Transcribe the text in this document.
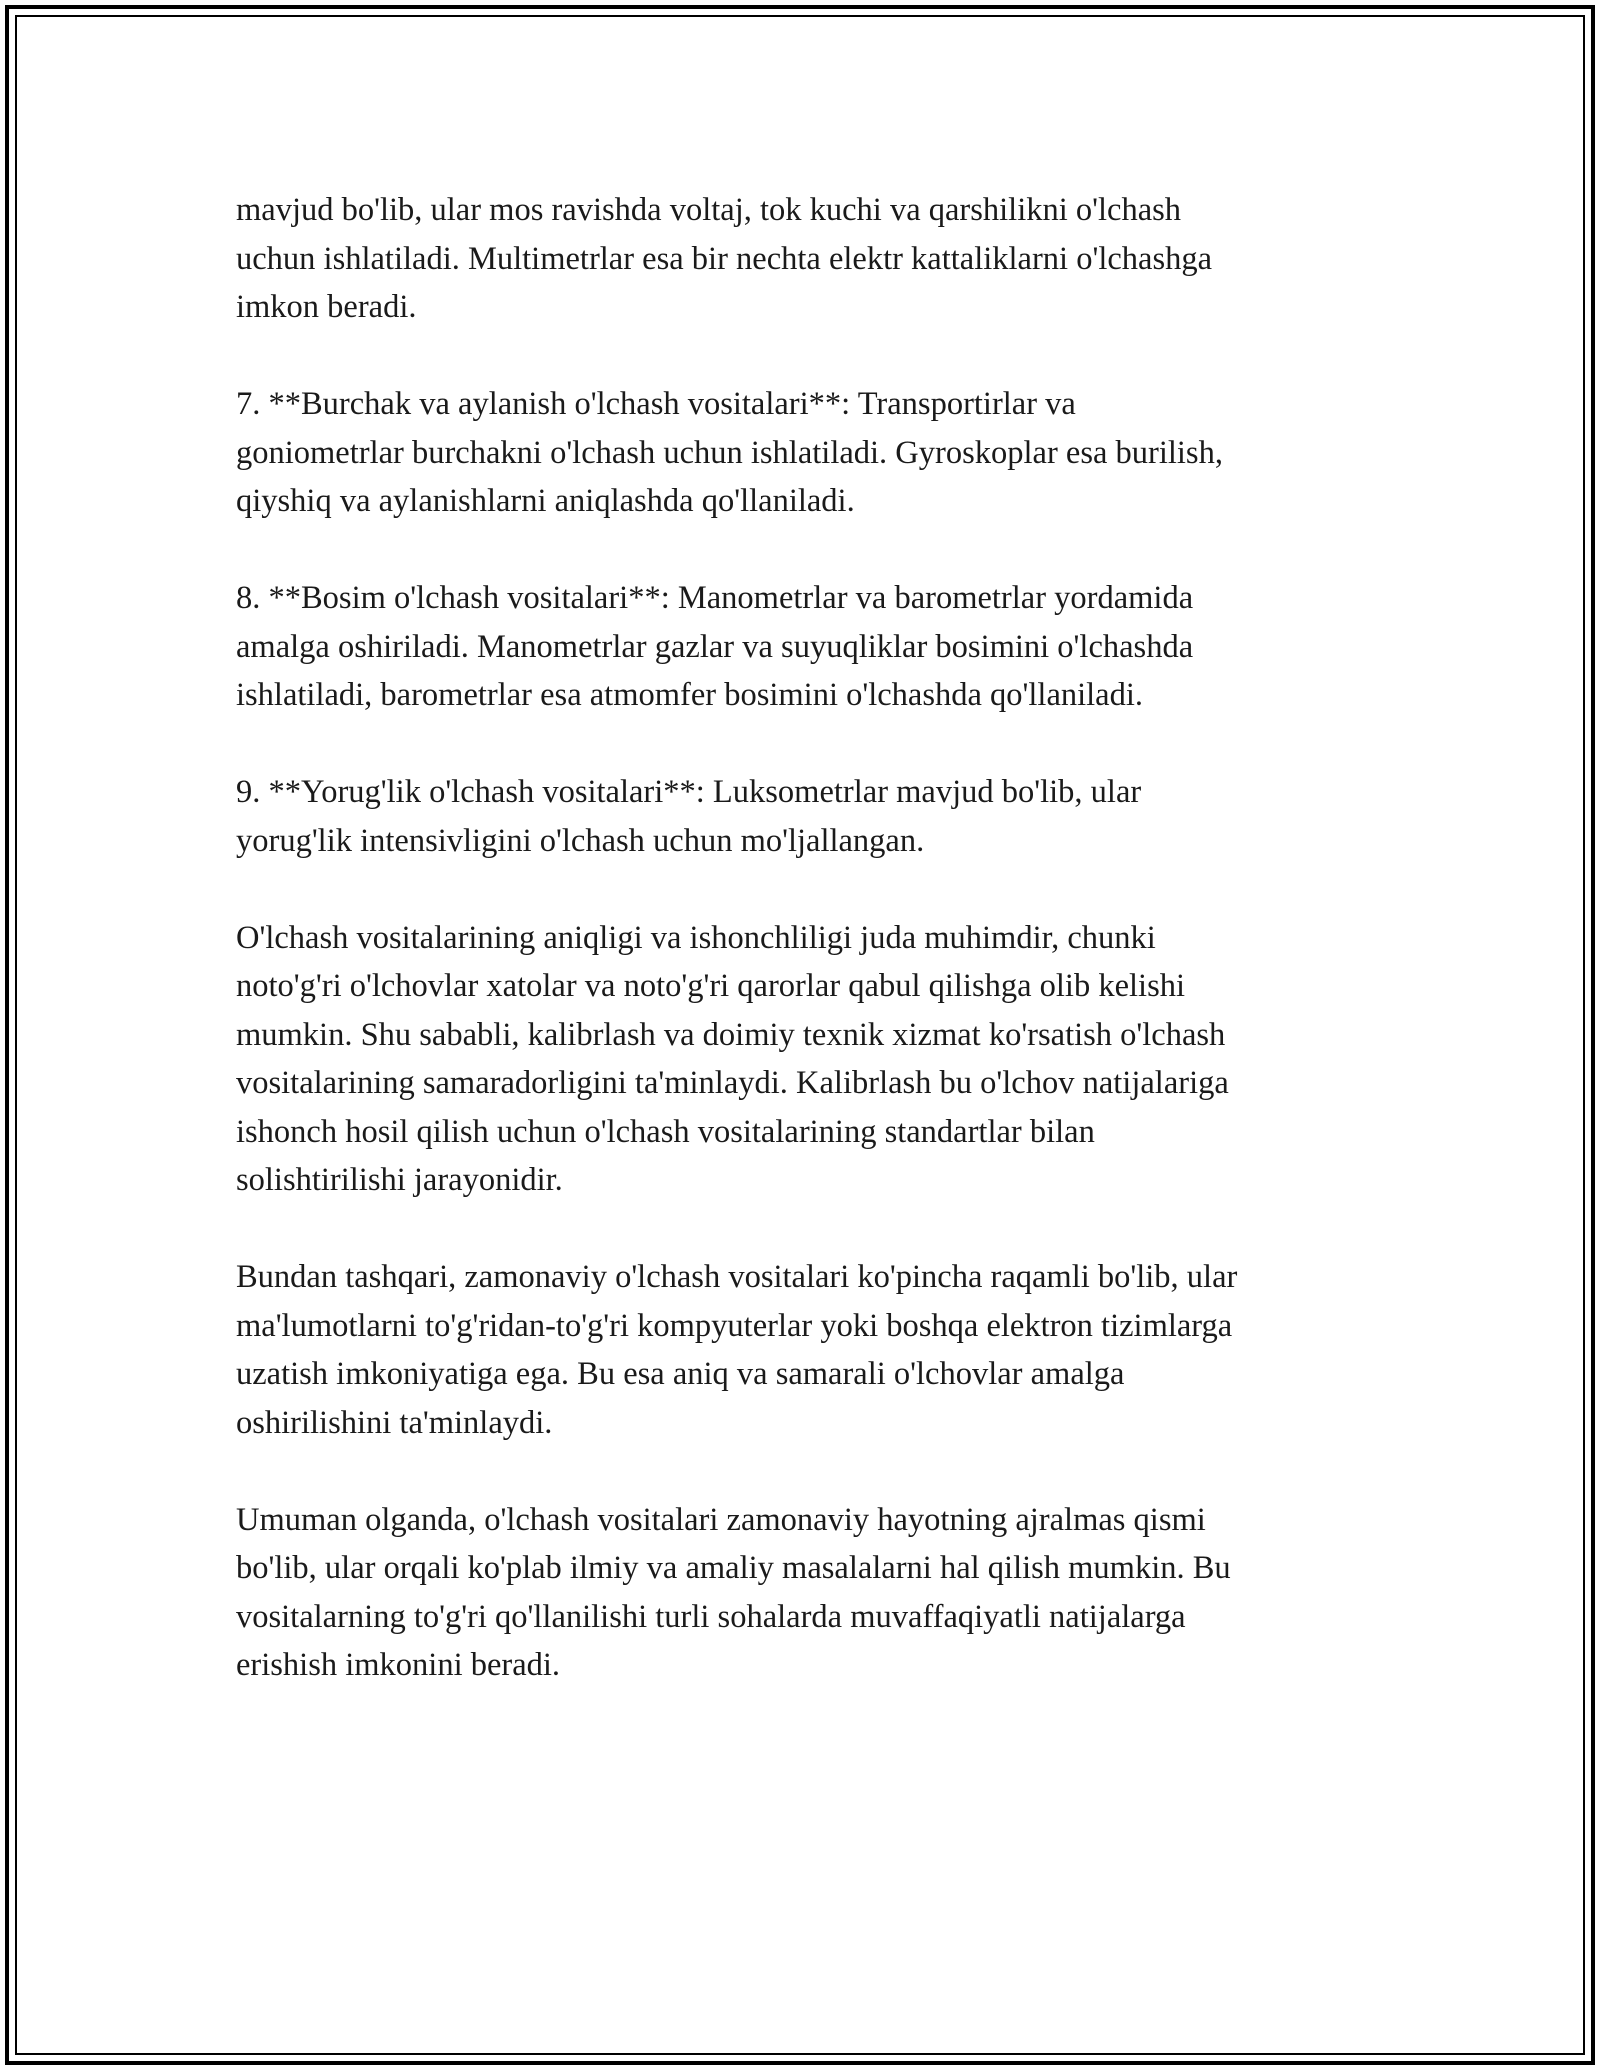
mavjud bo'lib, ular mos ravishda voltaj, tok kuchi va qarshilikni o'lchash
uchun ishlatiladi. Multimetrlar esa bir nechta elektr kattaliklarni o'lchashga
imkon beradi.
7. **Burchak va aylanish o'lchash vositalari**: Transportirlar va
goniometrlar burchakni o'lchash uchun ishlatiladi. Gyroskoplar esa burilish,
qiyshiq va aylanishlarni aniqlashda qo'llaniladi.
8. **Bosim o'lchash vositalari**: Manometrlar va barometrlar yordamida
amalga oshiriladi. Manometrlar gazlar va suyuqliklar bosimini o'lchashda
ishlatiladi, barometrlar esa atmomfer bosimini o'lchashda qo'llaniladi.
9. **Yorug'lik o'lchash vositalari**: Luksometrlar mavjud bo'lib, ular
yorug'lik intensivligini o'lchash uchun mo'ljallangan.
O'lchash vositalarining aniqligi va ishonchliligi juda muhimdir, chunki
noto'g'ri o'lchovlar xatolar va noto'g'ri qarorlar qabul qilishga olib kelishi
mumkin. Shu sababli, kalibrlash va doimiy texnik xizmat ko'rsatish o'lchash
vositalarining samaradorligini ta'minlaydi. Kalibrlash bu o'lchov natijalariga
ishonch hosil qilish uchun o'lchash vositalarining standartlar bilan
solishtirilishi jarayonidir.
Bundan tashqari, zamonaviy o'lchash vositalari ko'pincha raqamli bo'lib, ular
ma'lumotlarni to'g'ridan-to'g'ri kompyuterlar yoki boshqa elektron tizimlarga
uzatish imkoniyatiga ega. Bu esa aniq va samarali o'lchovlar amalga
oshirilishini ta'minlaydi.
Umuman olganda, o'lchash vositalari zamonaviy hayotning ajralmas qismi
bo'lib, ular orqali ko'plab ilmiy va amaliy masalalarni hal qilish mumkin. Bu
vositalarning to'g'ri qo'llanilishi turli sohalarda muvaffaqiyatli natijalarga
erishish imkonini beradi.
